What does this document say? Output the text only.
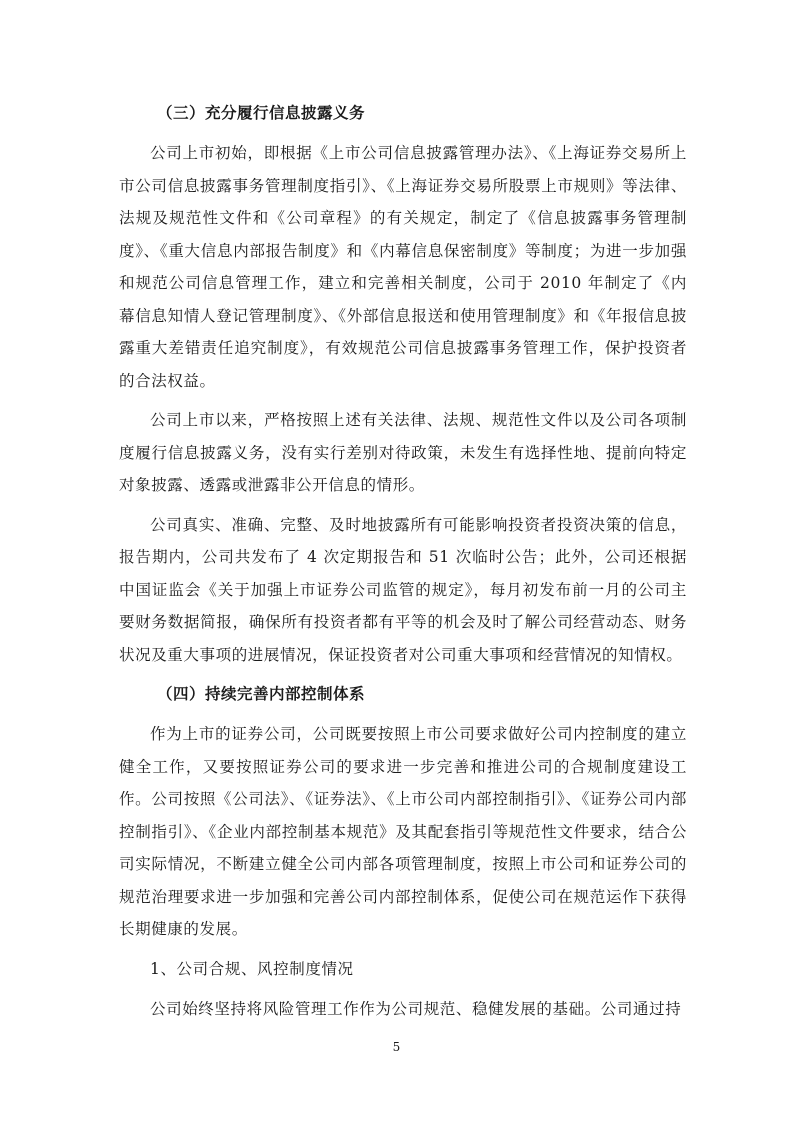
（三）充分履行信息披露义务

公司上市初始，即根据《上市公司信息披露管理办法》、《上海证券交易所上市公司信息披露事务管理制度指引》、《上海证券交易所股票上市规则》等法律、法规及规范性文件和《公司章程》的有关规定，制定了《信息披露事务管理制度》、《重大信息内部报告制度》和《内幕信息保密制度》等制度；为进一步加强和规范公司信息管理工作，建立和完善相关制度，公司于 2010 年制定了《内幕信息知情人登记管理制度》、《外部信息报送和使用管理制度》和《年报信息披露重大差错责任追究制度》，有效规范公司信息披露事务管理工作，保护投资者的合法权益。

公司上市以来，严格按照上述有关法律、法规、规范性文件以及公司各项制度履行信息披露义务，没有实行差别对待政策，未发生有选择性地、提前向特定对象披露、透露或泄露非公开信息的情形。

公司真实、准确、完整、及时地披露所有可能影响投资者投资决策的信息，报告期内，公司共发布了 4 次定期报告和 51 次临时公告；此外，公司还根据中国证监会《关于加强上市证券公司监管的规定》，每月初发布前一月的公司主要财务数据简报，确保所有投资者都有平等的机会及时了解公司经营动态、财务状况及重大事项的进展情况，保证投资者对公司重大事项和经营情况的知情权。

（四）持续完善内部控制体系

作为上市的证券公司，公司既要按照上市公司要求做好公司内控制度的建立健全工作，又要按照证券公司的要求进一步完善和推进公司的合规制度建设工作。公司按照《公司法》、《证券法》、《上市公司内部控制指引》、《证券公司内部控制指引》、《企业内部控制基本规范》及其配套指引等规范性文件要求，结合公司实际情况，不断建立健全公司内部各项管理制度，按照上市公司和证券公司的规范治理要求进一步加强和完善公司内部控制体系，促使公司在规范运作下获得长期健康的发展。

1、公司合规、风控制度情况

公司始终坚持将风险管理工作作为公司规范、稳健发展的基础。公司通过持

5
